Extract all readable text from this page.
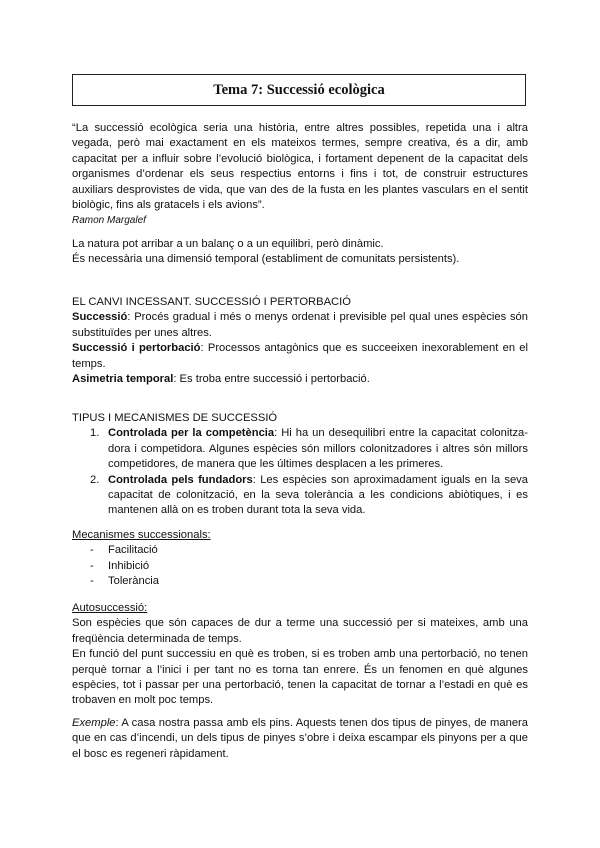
Tema 7: Successió ecològica
“La successió ecològica seria una història, entre altres possibles, repetida una i altra vegada, però mai exactament en els mateixos termes, sempre creativa, és a dir, amb capacitat per a influir sobre l’evolució biològica, i fortament depenent de la capacitat dels organismes d’ordenar els seus respectius entorns i fins i tot, de construir estructures auxiliars desprovistes de vida, que van des de la fusta en les plantes vasculars en el sentit biològic, fins als gratacels i els avions”.
Ramon Margalef
La natura pot arribar a un balanç o a un equilibri, però dinàmic.
És necessària una dimensió temporal (establiment de comunitats persistents).
EL CANVI INCESSANT. SUCCESSIÓ I PERTORBACIÓ
Successió: Procés gradual i més o menys ordenat i previsible pel qual unes espècies són substituïdes per unes altres.
Successió i pertorbació: Processos antagònics que es succeeixen inexorablement en el temps.
Asimetria temporal: Es troba entre successió i pertorbació.
TIPUS I MECANISMES DE SUCCESSIÓ
1. Controlada per la competència: Hi ha un desequilibri entre la capacitat colonitza-dora i competidora. Algunes espècies són millors colonitzadores i altres són millors competidores, de manera que les últimes desplacen a les primeres.
2. Controlada pels fundadors: Les espècies son aproximadament iguals en la seva capacitat de colonització, en la seva tolerància a les condicions abiòtiques, i es mantenen allà on es troben durant tota la seva vida.
Mecanismes successionals:
- Facilitació
- Inhibició
- Tolerància
Autosuccessió:
Son espècies que són capaces de dur a terme una successió per si mateixes, amb una freqüència determinada de temps.
En funció del punt successiu en què es troben, si es troben amb una pertorbació, no tenen perquè tornar a l’inici i per tant no es torna tan enrere. És un fenomen en què algunes espècies, tot i passar per una pertorbació, tenen la capacitat de tornar a l’estadi en què es trobaven en molt poc temps.
Exemple: A casa nostra passa amb els pins. Aquests tenen dos tipus de pinyes, de manera que en cas d’incendi, un dels tipus de pinyes s’obre i deixa escampar els pinyons per a que el bosc es regeneri ràpidament.
